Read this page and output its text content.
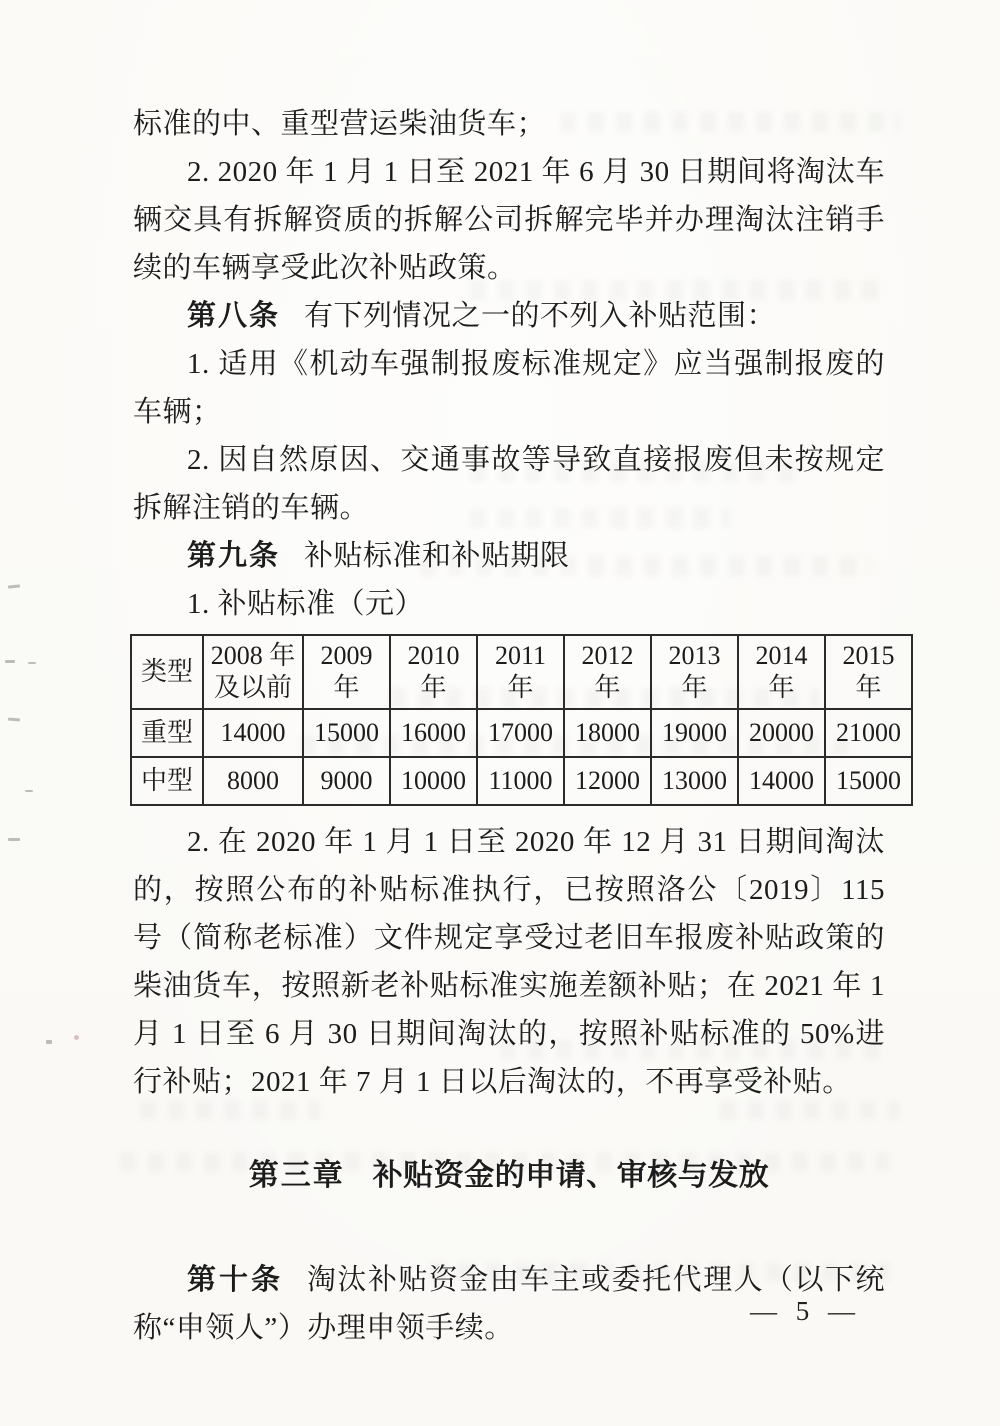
标准的中、重型营运柴油货车；

2. 2020 年 1 月 1 日至 2021 年 6 月 30 日期间将淘汰车辆交具有拆解资质的拆解公司拆解完毕并办理淘汰注销手续的车辆享受此次补贴政策。

第八条 有下列情况之一的不列入补贴范围：

1. 适用《机动车强制报废标准规定》应当强制报废的车辆；

2. 因自然原因、交通事故等导致直接报废但未按规定拆解注销的车辆。

第九条 补贴标准和补贴期限

1. 补贴标准（元）

类型	2008 年及以前	2009 年	2010 年	2011 年	2012 年	2013 年	2014 年	2015 年
重型	14000	15000	16000	17000	18000	19000	20000	21000
中型	8000	9000	10000	11000	12000	13000	14000	15000

2. 在 2020 年 1 月 1 日至 2020 年 12 月 31 日期间淘汰的，按照公布的补贴标准执行，已按照洛公〔2019〕115 号（简称老标准）文件规定享受过老旧车报废补贴政策的柴油货车，按照新老补贴标准实施差额补贴；在 2021 年 1 月 1 日至 6 月 30 日期间淘汰的，按照补贴标准的 50%进行补贴；2021 年 7 月 1 日以后淘汰的，不再享受补贴。

第三章 补贴资金的申请、审核与发放

第十条 淘汰补贴资金由车主或委托代理人（以下统称“申领人”）办理申领手续。

— 5 —
